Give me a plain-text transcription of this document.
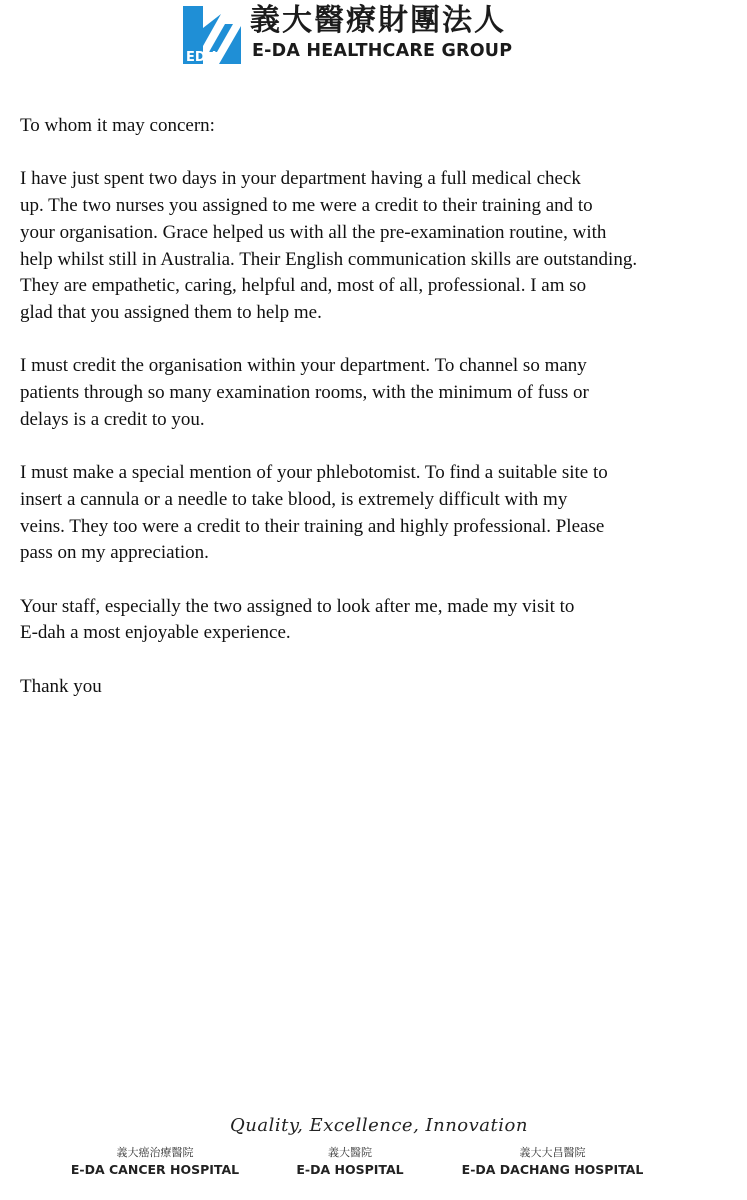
EDH
義大醫療財團法人
E-DA HEALTHCARE GROUP

To whom it may concern:

I have just spent two days in your department having a full medical check
up. The two nurses you assigned to me were a credit to their training and to
your organisation. Grace helped us with all the pre-examination routine, with
help whilst still in Australia. Their English communication skills are outstanding.
They are empathetic, caring, helpful and, most of all, professional. I am so
glad that you assigned them to help me.

I must credit the organisation within your department. To channel so many
patients through so many examination rooms, with the minimum of fuss or
delays is a credit to you.

I must make a special mention of your phlebotomist. To find a suitable site to
insert a cannula or a needle to take blood, is extremely difficult with my
veins. They too were a credit to their training and highly professional. Please
pass on my appreciation.

Your staff, especially the two assigned to look after me, made my visit to
E-dah a most enjoyable experience.

Thank you

Quality, Excellence, Innovation
義大癌治療醫院
E-DA CANCER HOSPITAL
義大醫院
E-DA HOSPITAL
義大大昌醫院
E-DA DACHANG HOSPITAL
